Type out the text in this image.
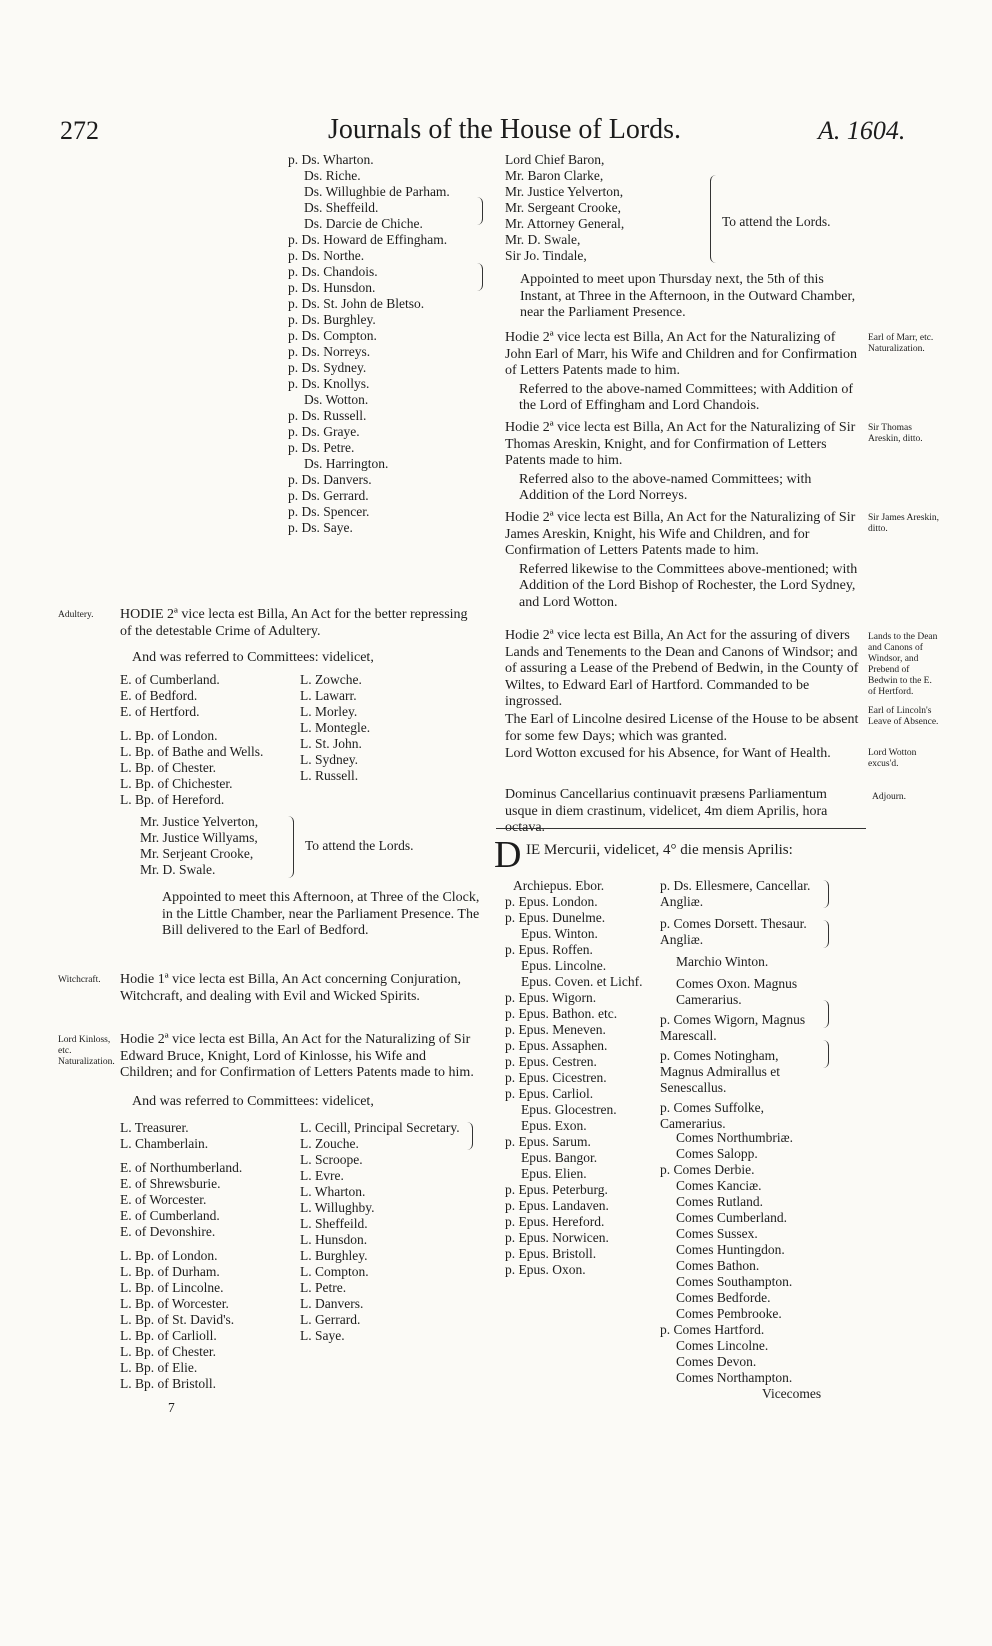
272	Journals of the House of Lords.	A. 1604.
p. Ds. Wharton.
Ds. Riche.
Ds. Willughbie de Parham.
Ds. Sheffeild.
Ds. Darcie de Chiche.
p. Ds. Howard de Effingham.
p. Ds. Northe.
p. Ds. Chandois.
p. Ds. Hunsdon.
p. Ds. St. John de Bletso.
p. Ds. Burghley.
p. Ds. Compton.
p. Ds. Norreys.
p. Ds. Sydney.
p. Ds. Knollys.
Ds. Wotton.
p. Ds. Russell.
p. Ds. Graye.
p. Ds. Petre.
Ds. Harrington.
p. Ds. Danvers.
p. Ds. Gerrard.
p. Ds. Spencer.
p. Ds. Saye.
Adultery. HODIE 2ª vice lecta est Billa, An Act for the better repressing of the detestable Crime of Adultery.
And was referred to Committees: videlicet,
E. of Cumberland.
E. of Bedford.
E. of Hertford.
L. Bp. of London.
L. Bp. of Bathe and Wells.
L. Bp. of Chester.
L. Bp. of Chichester.
L. Bp. of Hereford.
L. Zowche.
L. Lawarr.
L. Morley.
L. Montegle.
L. St. John.
L. Sydney.
L. Russell.
Mr. Justice Yelverton,
Mr. Justice Willyams,
Mr. Serjeant Crooke,
Mr. D. Swale.
To attend the Lords.
Appointed to meet this Afternoon, at Three of the Clock, in the Little Chamber, near the Parliament Presence. The Bill delivered to the Earl of Bedford.
Witchcraft. Hodie 1ª vice lecta est Billa, An Act concerning Conjuration, Witchcraft, and dealing with Evil and Wicked Spirits.
Lord Kinloss, etc. Naturalization.
Hodie 2ª vice lecta est Billa, An Act for the Naturalizing of Sir Edward Bruce, Knight, Lord of Kinlosse, his Wife and Children; and for Confirmation of Letters Patents made to him.
And was referred to Committees: videlicet,
L. Treasurer.
L. Chamberlain.
E. of Northumberland.
E. of Shrewsburie.
E. of Worcester.
E. of Cumberland.
E. of Devonshire.
L. Bp. of London.
L. Bp. of Durham.
L. Bp. of Lincolne.
L. Bp. of Worcester.
L. Bp. of St. David's.
L. Bp. of Carlioll.
L. Bp. of Chester.
L. Bp. of Elie.
L. Bp. of Bristoll.
L. Cecill, Principal Secretary.
L. Zouche.
L. Scroope.
L. Evre.
L. Wharton.
L. Willughby.
L. Sheffeild.
L. Hunsdon.
L. Burghley.
L. Compton.
L. Petre.
L. Danvers.
L. Gerrard.
L. Saye.
7
Lord Chief Baron,
Mr. Baron Clarke,
Mr. Justice Yelverton,
Mr. Sergeant Crooke,
Mr. Attorney General,
Mr. D. Swale,
Sir Jo. Tindale,
To attend the Lords.
Appointed to meet upon Thursday next, the 5th of this Instant, at Three in the Afternoon, in the Outward Chamber, near the Parliament Presence.
Hodie 2ª vice lecta est Billa, An Act for the Naturalizing of John Earl of Marr, his Wife and Children and for Confirmation of Letters Patents made to him.
Referred to the above-named Committees; with Addition of the Lord of Effingham and Lord Chandois.
Earl of Marr, etc. Naturalization.
Hodie 2ª vice lecta est Billa, An Act for the Naturalizing of Sir Thomas Areskin, Knight, and for Confirmation of Letters Patents made to him.
Referred also to the above-named Committees; with Addition of the Lord Norreys.
Sir Thomas Areskin, ditto.
Hodie 2ª vice lecta est Billa, An Act for the Naturalizing of Sir James Areskin, Knight, his Wife and Children, and for Confirmation of Letters Patents made to him.
Referred likewise to the Committees above-mentioned; with Addition of the Lord Bishop of Rochester, the Lord Sydney, and Lord Wotton.
Sir James Areskin, ditto.
Hodie 2ª vice lecta est Billa, An Act for the assuring of divers Lands and Tenements to the Dean and Canons of Windsor; and of assuring a Lease of the Prebend of Bedwin, in the County of Wiltes, to Edward Earl of Hartford. Commanded to be ingrossed.
Lands to the Dean and Canons of Windsor, and Prebend of Bedwin to the E. of Hertford.
The Earl of Lincolne desired License of the House to be absent for some few Days; which was granted.
Earl of Lincoln's Leave of Absence.
Lord Wotton excused for his Absence, for Want of Health.	Lord Wotton excus'd.
Dominus Cancellarius continuavit præsens Parliamentum usque in diem crastinum, videlicet, 4m diem Aprilis, hora octava.
Adjourn.
D IE Mercurii, videlicet, 4° die mensis Aprilis:
Archiepus. Ebor.
p. Epus. London.
p. Epus. Dunelme.
Epus. Winton.
p. Epus. Roffen.
Epus. Lincolne.
Epus. Coven. et Lichf.
p. Epus. Wigorn.
p. Epus. Bathon. etc.
p. Epus. Meneven.
p. Epus. Assaphen.
p. Epus. Cestren.
p. Epus. Cicestren.
p. Epus. Carliol.
Epus. Glocestren.
Epus. Exon.
p. Epus. Sarum.
Epus. Bangor.
Epus. Elien.
p. Epus. Peterburg.
p. Epus. Landaven.
p. Epus. Hereford.
p. Epus. Norwicen.
p. Epus. Bristoll.
p. Epus. Oxon.
p. Ds. Ellesmere, Cancellar. Angliæ.
p. Comes Dorsett. Thesaur. Angliæ.
Marchio Winton.
Comes Oxon. Magnus Camerarius.
p. Comes Wigorn, Magnus Marescall.
p. Comes Notingham, Magnus Admirallus et Senescallus.
p. Comes Suffolke, Camerarius.
Comes Northumbriæ.
Comes Salopp.
p. Comes Derbie.
Comes Kanciæ.
Comes Rutland.
Comes Cumberland.
Comes Sussex.
Comes Huntingdon.
Comes Bathon.
Comes Southampton.
Comes Bedforde.
Comes Pembrooke.
p. Comes Hartford.
Comes Lincolne.
Comes Devon.
Comes Northampton.
Vicecomes
